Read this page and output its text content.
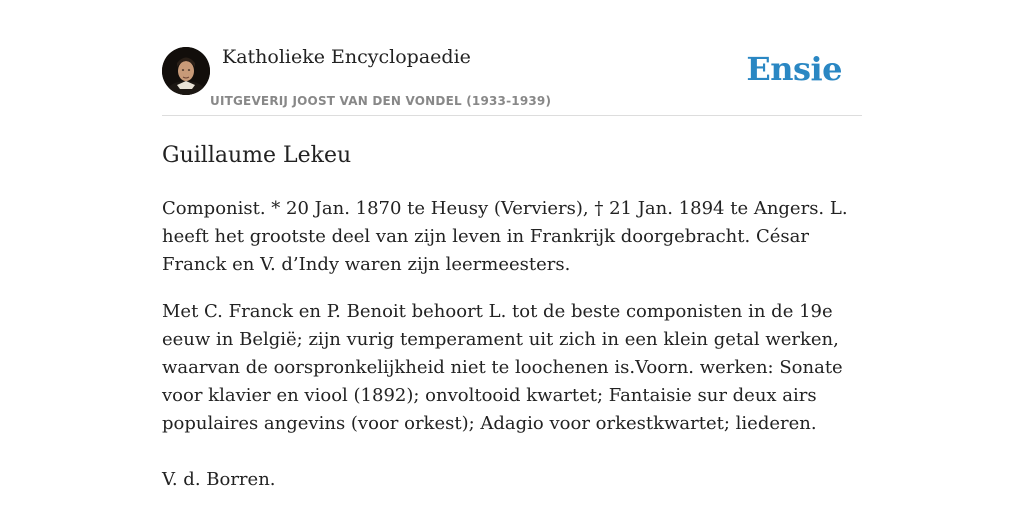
Katholieke Encyclopaedie
UITGEVERIJ JOOST VAN DEN VONDEL (1933-1939)
Ensie
Guillaume Lekeu

Componist. * 20 Jan. 1870 te Heusy (Verviers), † 21 Jan. 1894 te Angers. L. heeft het grootste deel van zijn leven in Frankrijk doorgebracht. César Franck en V. d’Indy waren zijn leermeesters.

Met C. Franck en P. Benoit behoort L. tot de beste componisten in de 19e eeuw in België; zijn vurig temperament uit zich in een klein getal werken, waarvan de oorspronkelijkheid niet te loochenen is.Voorn. werken: Sonate voor klavier en viool (1892); onvoltooid kwartet; Fantaisie sur deux airs populaires angevins (voor orkest); Adagio voor orkestkwartet; liederen.

V. d. Borren.
